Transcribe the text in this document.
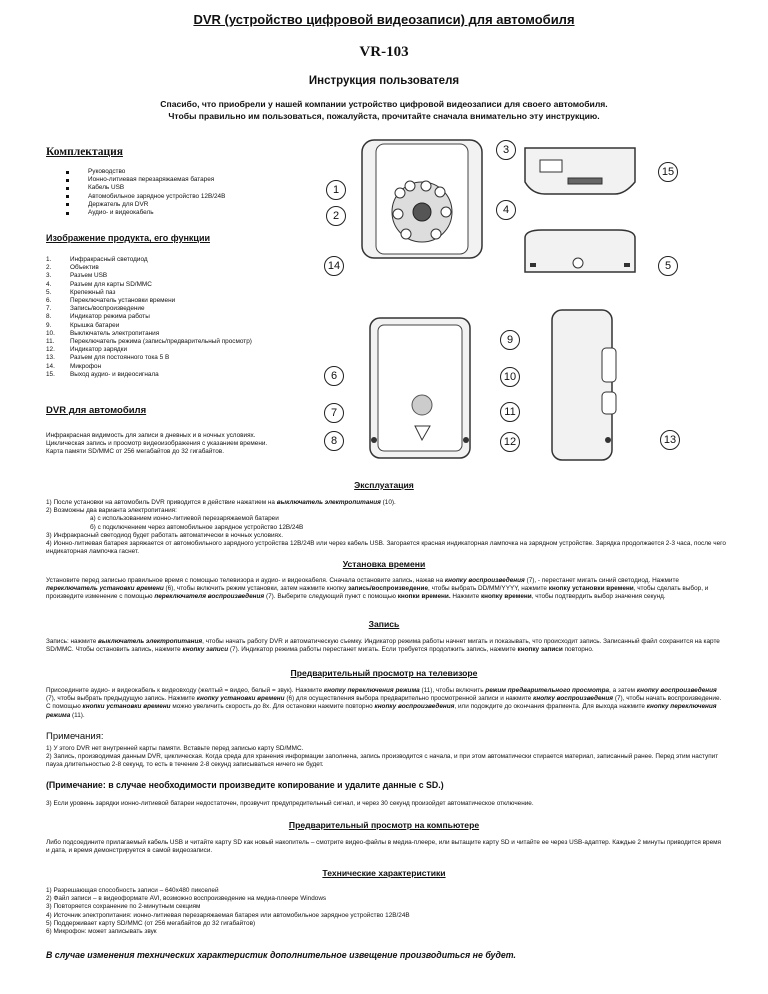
DVR (устройство цифровой видеозаписи) для автомобиля
VR-103
Инструкция пользователя
Спасибо, что приобрели у нашей компании устройство цифровой видеозаписи для своего автомобиля.
Чтобы правильно им пользоваться, пожалуйста, прочитайте сначала внимательно эту инструкцию.
Комплектация
Руководство
Ионно-литиевая перезаряжаемая батарея
Кабель USB
Автомобильное зарядное устройство 12В/24В
Держатель для DVR
Аудио- и видеокабель
Изображение продукта, его функции
1.	Инфракрасный светодиод
2.	Объектив
3.	Разъем USB
4.	Разъем для карты SD/MMC
5.	Крепежный паз
6.	Переключатель установки времени
7.	Запись/воспроизведение
8.	Индикатор режима работы
9.	Крышка батареи
10. Выключатель электропитания
11. Переключатель режима (запись/предварительный просмотр)
12. Индикатор зарядки
13. Разъем для постоянного тока 5 В
14. Микрофон
15. Выход аудио- и видеосигнала
DVR для автомобиля
Инфракрасная видимость для записи в дневных и в ночных условиях.
Циклическая запись и просмотр видеоизображения с указанием времени.
Карта памяти SD/MMC от 256 мегабайтов до 32 гигабайтов.
1
2
3
4
5
6
7
8
9
10
11
12	13
14
15
Эксплуатация
1) После установки на автомобиль DVR приводится в действие нажатием на выключатель электропитания (10).
2) Возможны два варианта электропитания:
а) с использованием ионно-литиевой перезаряжаемой батареи
б) с подключением через автомобильное зарядное устройство 12В/24В
3) Инфракрасный светодиод будет работать автоматически в ночных условиях.
4) Ионно-литиевая батарея заряжается от автомобильного зарядного устройства 12В/24В или через кабель USB. Загорается красная индикаторная лампочка на зарядном устройстве. Зарядка продолжается 2-3 часа, после чего индикаторная лампочка гаснет.
Установка времени
Установите перед записью правильное время с помощью телевизора и аудио- и видеокабеля. Сначала остановите запись, нажав на кнопку воспроизведения (7), - перестанет мигать синий светодиод. Нажмите переключатель установки времени (6), чтобы включить режим установки, затем нажмите кнопку запись/воспроизведение, чтобы выбрать DD/MM/YYYY, нажмите кнопку установки времени, чтобы сделать выбор, и произведите изменение с помощью переключателя воспроизведения (7). Выберите следующий пункт с помощью кнопки времени. Нажмите кнопку времени, чтобы подтвердить выбор значения секунд.
Запись
Запись: нажмите выключатель электропитания, чтобы начать работу DVR и автоматическую съемку. Индикатор режима работы начнет мигать и показывать, что происходит запись. Записанный файл сохранится на карте SD/MMC. Чтобы остановить запись, нажмите кнопку записи (7). Индикатор режима работы перестанет мигать. Если требуется продолжить запись, нажмите кнопку записи повторно.
Предварительный просмотр на телевизоре
Присоедините аудио- и видеокабель к видеовходу (желтый = видео, белый = звук). Нажмите кнопку переключения режима (11), чтобы включить режим предварительного просмотра, а затем кнопку воспроизведения (7), чтобы выбрать предыдущую запись. Нажмите кнопку установки времени (6) для осуществления выбора предварительно просмотренной записи и нажмите кнопку воспроизведения (7), чтобы начать воспроизведение. С помощью кнопки установки времени можно увеличить скорость до 8х. Для остановки нажмите повторно кнопку воспроизведения, или подождите до окончания фрагмента. Для выхода нажмите кнопку переключения режима (11).
Примечания:
1) У этого DVR нет внутренней карты памяти. Вставьте перед записью карту SD/MMC.
2) Запись, производимая данным DVR, циклическая. Когда среда для хранения информации заполнена, запись производится с начала, и при этом автоматически стирается материал, записанный ранее. Перед этим наступит пауза длительностью 2-8 секунд, то есть в течение 2-8 секунд записываться ничего не будет.
(Примечание: в случае необходимости произведите копирование и удалите данные с SD.)
3) Если уровень зарядки ионно-литиевой батареи недостаточен, прозвучит предупредительный сигнал, и через 30 секунд произойдет автоматическое отключение.
Предварительный просмотр на компьютере
Либо подсоедините прилагаемый кабель USB и читайте карту SD как новый накопитель – смотрите видео-файлы в медиа-плеере, или вытащите карту SD и читайте ее через USB-адаптер. Каждые 2 минуты приводится время и дата, и время демонстрируется в самой видеозаписи.
Технические характеристики
1) Разрешающая способность записи – 640x480 пикселей
2) Файл записи – в видеоформате AVI, возможно воспроизведение на медиа-плеере Windows
3) Повторяется сохранение по 2-минутным секциям
4) Источник электропитания: ионно-литиевая перезаряжаемая батарея или автомобильное зарядное устройство 12В/24В
5) Поддерживает карту SD/MMC (от 256 мегабайтов до 32 гигабайтов)
6) Микрофон: может записывать звук
В случае изменения технических характеристик дополнительное извещение производиться не будет.
